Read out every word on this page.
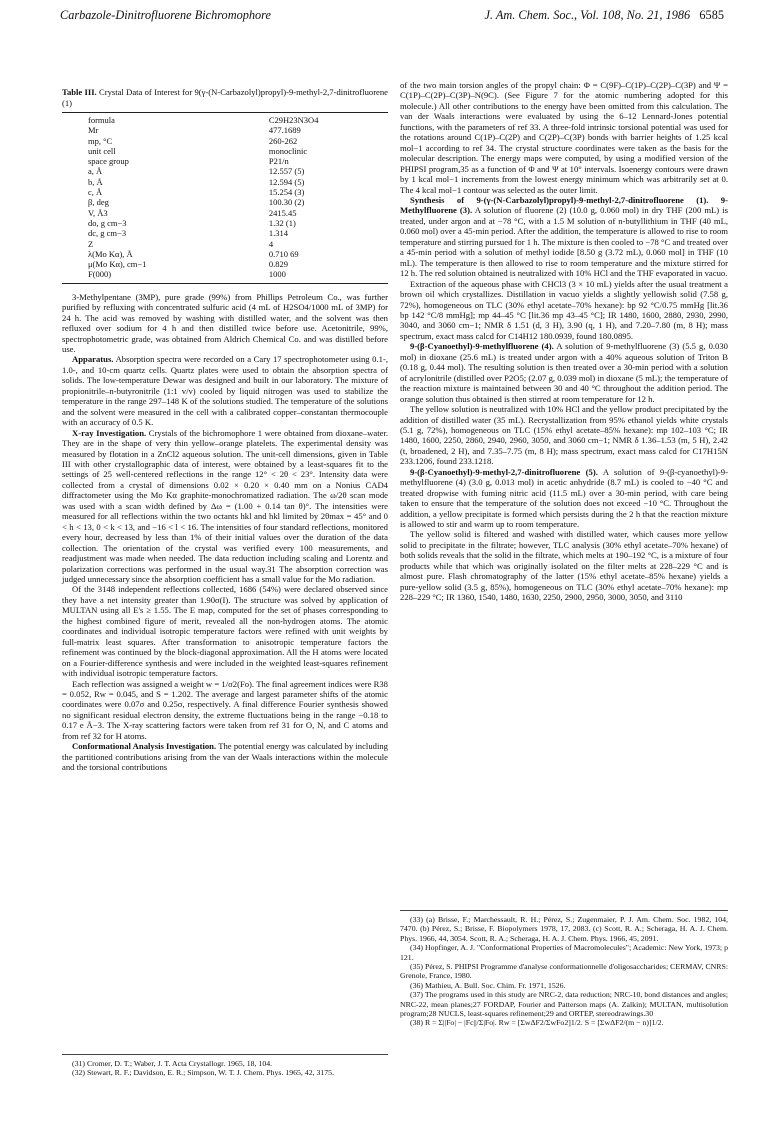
Carbazole-Dinitrofluorene Bichromophore	J. Am. Chem. Soc., Vol. 108, No. 21, 1986 6585
Table III. Crystal Data of Interest for 9(γ-(N-Carbazolyl)propyl)-9-methyl-2,7-dinitrofluorene (1)
formula	C29H23N3O4
Mr	477.1689
mp, °C	260-262
unit cell	monoclinic
space group	P21/n
a, Å	12.557 (5)
b, Å	12.594 (5)
c, Å	15.254 (3)
β, deg	100.30 (2)
V, Å3	2415.45
do, g cm−3	1.32 (1)
dc, g cm−3	1.314
Z	4
λ(Mo Kα), Å	0.710 69
μ(Mo Kα), cm−1	0.829
F(000)	1000

3-Methylpentane (3MP), pure grade (99%) from Phillips Petroleum Co., was further purified by refluxing with concentrated sulfuric acid (4 mL of H2SO4/1000 mL of 3MP) for 24 h. The acid was removed by washing with distilled water, and the solvent was then refluxed over sodium for 4 h and then distilled twice before use. Acetonitrile, 99%, spectrophotometric grade, was obtained from Aldrich Chemical Co. and was distilled before use.

Apparatus. Absorption spectra were recorded on a Cary 17 spectrophotometer using 0.1-, 1.0-, and 10-cm quartz cells. Quartz plates were used to obtain the absorption spectra of solids. The low-temperature Dewar was designed and built in our laboratory. The mixture of propionitrile–n-butyronitrile (1:1 v/v) cooled by liquid nitrogen was used to stabilize the temperature in the range 297–148 K of the solutions studied. The temperature of the solutions and the solvent were measured in the cell with a calibrated copper–constantan thermocouple with an accuracy of 0.5 K.

X-ray Investigation. Crystals of the bichromophore 1 were obtained from dioxane–water. They are in the shape of very thin yellow–orange platelets. The experimental density was measured by flotation in a ZnCl2 aqueous solution. The unit-cell dimensions, given in Table III with other crystallographic data of interest, were obtained by a least-squares fit to the settings of 25 well-centered reflections in the range 12° < 2θ < 23°. Intensity data were collected from a crystal of dimensions 0.02 × 0.20 × 0.40 mm on a Nonius CAD4 diffractometer using the Mo Kα graphite-monochromatized radiation. The ω/2θ scan mode was used with a scan width defined by Δω = (1.00 + 0.14 tan θ)°. The intensities were measured for all reflections within the two octants hkl and hkl limited by 2θmax = 45° and 0 < h < 13, 0 < k < 13, and −16 < l < 16. The intensities of four standard reflections, monitored every hour, decreased by less than 1% of their initial values over the duration of the data collection. The orientation of the crystal was verified every 100 measurements, and readjustment was made when needed. The data reduction including scaling and Lorentz and polarization corrections was performed in the usual way.31 The absorption correction was judged unnecessary since the absorption coefficient has a small value for the Mo radiation.

Of the 3148 independent reflections collected, 1686 (54%) were declared observed since they have a net intensity greater than 1.90σ(I). The structure was solved by application of MULTAN using all E's ≥ 1.55. The E map, computed for the set of phases corresponding to the highest combined figure of merit, revealed all the non-hydrogen atoms. The atomic coordinates and individual isotropic temperature factors were refined with unit weights by full-matrix least squares. After transformation to anisotropic temperature factors the refinement was continued by the block-diagonal approximation. All the H atoms were located on a Fourier-difference synthesis and were included in the weighted least-squares refinement with individual isotropic temperature factors.

Each reflection was assigned a weight w = 1/σ2(Fo). The final agreement indices were R38 = 0.052, Rw = 0.045, and S = 1.202. The average and largest parameter shifts of the atomic coordinates were 0.07σ and 0.25σ, respectively. A final difference Fourier synthesis showed no significant residual electron density, the extreme fluctuations being in the range −0.18 to 0.17 e Å−3. The X-ray scattering factors were taken from ref 31 for O, N, and C atoms and from ref 32 for H atoms.

Conformational Analysis Investigation. The potential energy was calculated by including the partitioned contributions arising from the van der Waals interactions within the molecule and the torsional contributions

(31) Cromer, D. T.; Waber, J. T. Acta Crystallogr. 1965, 18, 104.

(32) Stewart, R. F.; Davidson, E. R.; Simpson, W. T. J. Chem. Phys. 1965, 42, 3175.

of the two main torsion angles of the propyl chain: Φ = C(9F)–C(1P)–C(2P)–C(3P) and Ψ = C(1P)–C(2P)–C(3P)–N(9C). (See Figure 7 for the atomic numbering adopted for this molecule.) All other contributions to the energy have been omitted from this calculation. The van der Waals interactions were evaluated by using the 6–12 Lennard-Jones potential functions, with the parameters of ref 33. A three-fold intrinsic torsional potential was used for the rotations around C(1P)–C(2P) and C(2P)–C(3P) bonds with barrier heights of 1.25 kcal mol−1 according to ref 34. The crystal structure coordinates were taken as the basis for the molecular description. The energy maps were computed, by using a modified version of the PHIPSI program,35 as a function of Φ and Ψ at 10° intervals. Isoenergy contours were drawn by 1 kcal mol−1 increments from the lowest energy minimum which was arbitrarily set at 0. The 4 kcal mol−1 contour was selected as the outer limit.

Synthesis of 9-(γ-(N-Carbazolyl)propyl)-9-methyl-2,7-dinitrofluorene (1). 9-Methylfluorene (3). A solution of fluorene (2) (10.0 g, 0.060 mol) in dry THF (200 mL) is treated, under argon and at −78 °C, with a 1.5 M solution of n-butyllithium in THF (40 mL, 0.060 mol) over a 45-min period. After the addition, the temperature is allowed to rise to room temperature and stirring pursued for 1 h. The mixture is then cooled to −78 °C and treated over a 45-min period with a solution of methyl iodide [8.50 g (3.72 mL), 0.060 mol] in THF (10 mL). The temperature is then allowed to rise to room temperature and the mixture stirred for 12 h. The red solution obtained is neutralized with 10% HCl and the THF evaporated in vacuo.

Extraction of the aqueous phase with CHCl3 (3 × 10 mL) yields after the usual treatment a brown oil which crystallizes. Distillation in vacuo yields a slightly yellowish solid (7.58 g, 72%), homogeneous on TLC (30% ethyl acetate–70% hexane): bp 92 °C/0.75 mmHg [lit.36 bp 142 °C/8 mmHg]; mp 44–45 °C [lit.36 mp 43–45 °C]; IR 1480, 1600, 2880, 2930, 2990, 3040, and 3060 cm−1; NMR δ 1.51 (d, 3 H), 3.90 (q, 1 H), and 7.20–7.80 (m, 8 H); mass spectrum, exact mass calcd for C14H12 180.0939, found 180.0895.

9-(β-Cyanoethyl)-9-methylfluorene (4). A solution of 9-methylfluorene (3) (5.5 g, 0.030 mol) in dioxane (25.6 mL) is treated under argon with a 40% aqueous solution of Triton B (0.18 g, 0.44 mol). The resulting solution is then treated over a 30-min period with a solution of acrylonitrile (distilled over P2O5; (2.07 g, 0.039 mol) in dioxane (5 mL); the temperature of the reaction mixture is maintained between 30 and 40 °C throughout the addition period. The orange solution thus obtained is then stirred at room temperature for 12 h.

The yellow solution is neutralized with 10% HCl and the yellow product precipitated by the addition of distilled water (35 mL). Recrystallization from 95% ethanol yields white crystals (5.1 g, 72%), homogeneous on TLC (15% ethyl acetate–85% hexane): mp 102–103 °C; IR 1480, 1600, 2250, 2860, 2940, 2960, 3050, and 3060 cm−1; NMR δ 1.36–1.53 (m, 5 H), 2.42 (t, broadened, 2 H), and 7.35–7.75 (m, 8 H); mass spectrum, exact mass calcd for C17H15N 233.1206, found 233.1218.

9-(β-Cyanoethyl)-9-methyl-2,7-dinitrofluorene (5). A solution of 9-(β-cyanoethyl)-9-methylfluorene (4) (3.0 g, 0.013 mol) in acetic anhydride (8.7 mL) is cooled to −40 °C and treated dropwise with fuming nitric acid (11.5 mL) over a 30-min period, with care being taken to ensure that the temperature of the solution does not exceed −10 °C. Throughout the addition, a yellow precipitate is formed which persists during the 2 h that the reaction mixture is allowed to stir and warm up to room temperature.

The yellow solid is filtered and washed with distilled water, which causes more yellow solid to precipitate in the filtrate; however, TLC analysis (30% ethyl acetate–70% hexane) of both solids reveals that the solid in the filtrate, which melts at 190–192 °C, is a mixture of four products while that which was originally isolated on the filter melts at 228–229 °C and is almost pure. Flash chromatography of the latter (15% ethyl acetate–85% hexane) yields a pure-yellow solid (3.5 g, 85%), homogeneous on TLC (30% ethyl acetate–70% hexane): mp 228–229 °C; IR 1360, 1540, 1480, 1630, 2250, 2900, 2950, 3000, 3050, and 3110

(33) (a) Brisse, F.; Marchessault, R. H.; Pérez, S.; Zugenmaier, P. J. Am. Chem. Soc. 1982, 104, 7470. (b) Pérez, S.; Brisse, F. Biopolymers 1978, 17, 2083. (c) Scott, R. A.; Scheraga, H. A. J. Chem. Phys. 1966, 44, 3054. Scott, R. A.; Scheraga, H. A. J. Chem. Phys. 1966, 45, 2091.

(34) Hopfinger, A. J. "Conformational Properties of Macromolecules"; Academic: New York, 1973; p 121.

(35) Pérez, S. PHIPSI Programme d'analyse conformationnelle d'oligosaccharides; CERMAV, CNRS: Grenole, France, 1980.

(36) Mathieu, A. Bull. Soc. Chim. Fr. 1971, 1526.

(37) The programs used in this study are NRC-2, data reduction; NRC-10, bond distances and angles; NRC-22, mean planes;27 FORDAP, Fourier and Patterson maps (A. Zalkin); MULTAN, multisolution program;28 NUCLS, least-squares refinement;29 and ORTEP, stereodrawings.30

(38) R = Σ||Fo| − |Fc||/Σ|Fo|. Rw = [ΣwΔF2/ΣwFo2]1/2. S = [ΣwΔF2/(m − n)]1/2.
